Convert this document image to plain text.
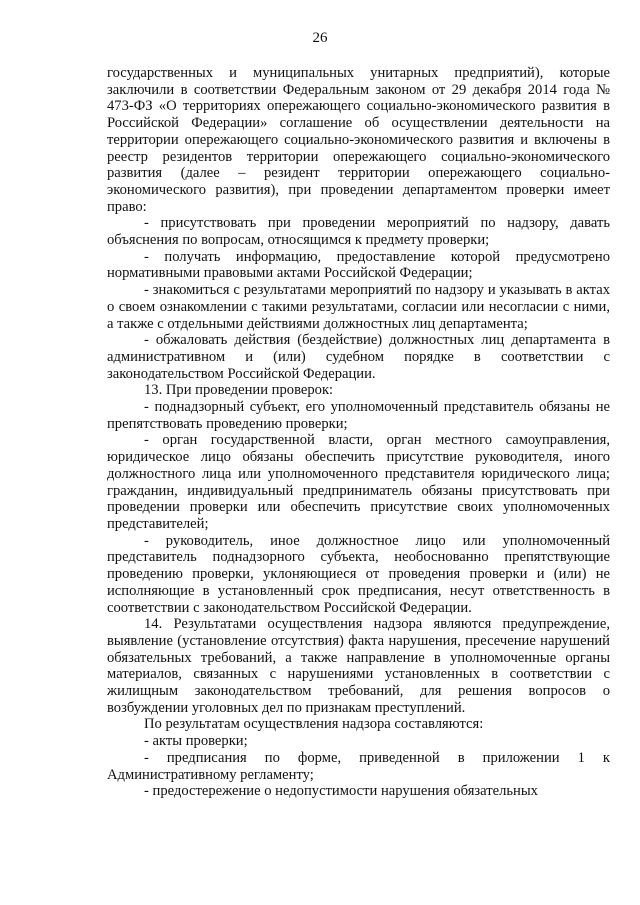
26

государственных и муниципальных унитарных предприятий), которые заключили в соответствии Федеральным законом от 29 декабря 2014 года № 473-ФЗ «О территориях опережающего социально-экономического развития в Российской Федерации» соглашение об осуществлении деятельности на территории опережающего социально-экономического развития и включены в реестр резидентов территории опережающего социально-экономического развития (далее – резидент территории опережающего социально-экономического развития), при проведении департаментом проверки имеет право:

- присутствовать при проведении мероприятий по надзору, давать объяснения по вопросам, относящимся к предмету проверки;

- получать информацию, предоставление которой предусмотрено нормативными правовыми актами Российской Федерации;

- знакомиться с результатами мероприятий по надзору и указывать в актах о своем ознакомлении с такими результатами, согласии или несогласии с ними, а также с отдельными действиями должностных лиц департамента;

- обжаловать действия (бездействие) должностных лиц департамента в административном и (или) судебном порядке в соответствии с законодательством Российской Федерации.

13. При проведении проверок:

- поднадзорный субъект, его уполномоченный представитель обязаны не препятствовать проведению проверки;

- орган государственной власти, орган местного самоуправления, юридическое лицо обязаны обеспечить присутствие руководителя, иного должностного лица или уполномоченного представителя юридического лица; гражданин, индивидуальный предприниматель обязаны присутствовать при проведении проверки или обеспечить присутствие своих уполномоченных представителей;

- руководитель, иное должностное лицо или уполномоченный представитель поднадзорного субъекта, необоснованно препятствующие проведению проверки, уклоняющиеся от проведения проверки и (или) не исполняющие в установленный срок предписания, несут ответственность в соответствии с законодательством Российской Федерации.

14. Результатами осуществления надзора являются предупреждение, выявление (установление отсутствия) факта нарушения, пресечение нарушений обязательных требований, а также направление в уполномоченные органы материалов, связанных с нарушениями установленных в соответствии с жилищным законодательством требований, для решения вопросов о возбуждении уголовных дел по признакам преступлений.

По результатам осуществления надзора составляются:

- акты проверки;

- предписания по форме, приведенной в приложении 1 к Административному регламенту;

- предостережение о недопустимости нарушения обязательных
